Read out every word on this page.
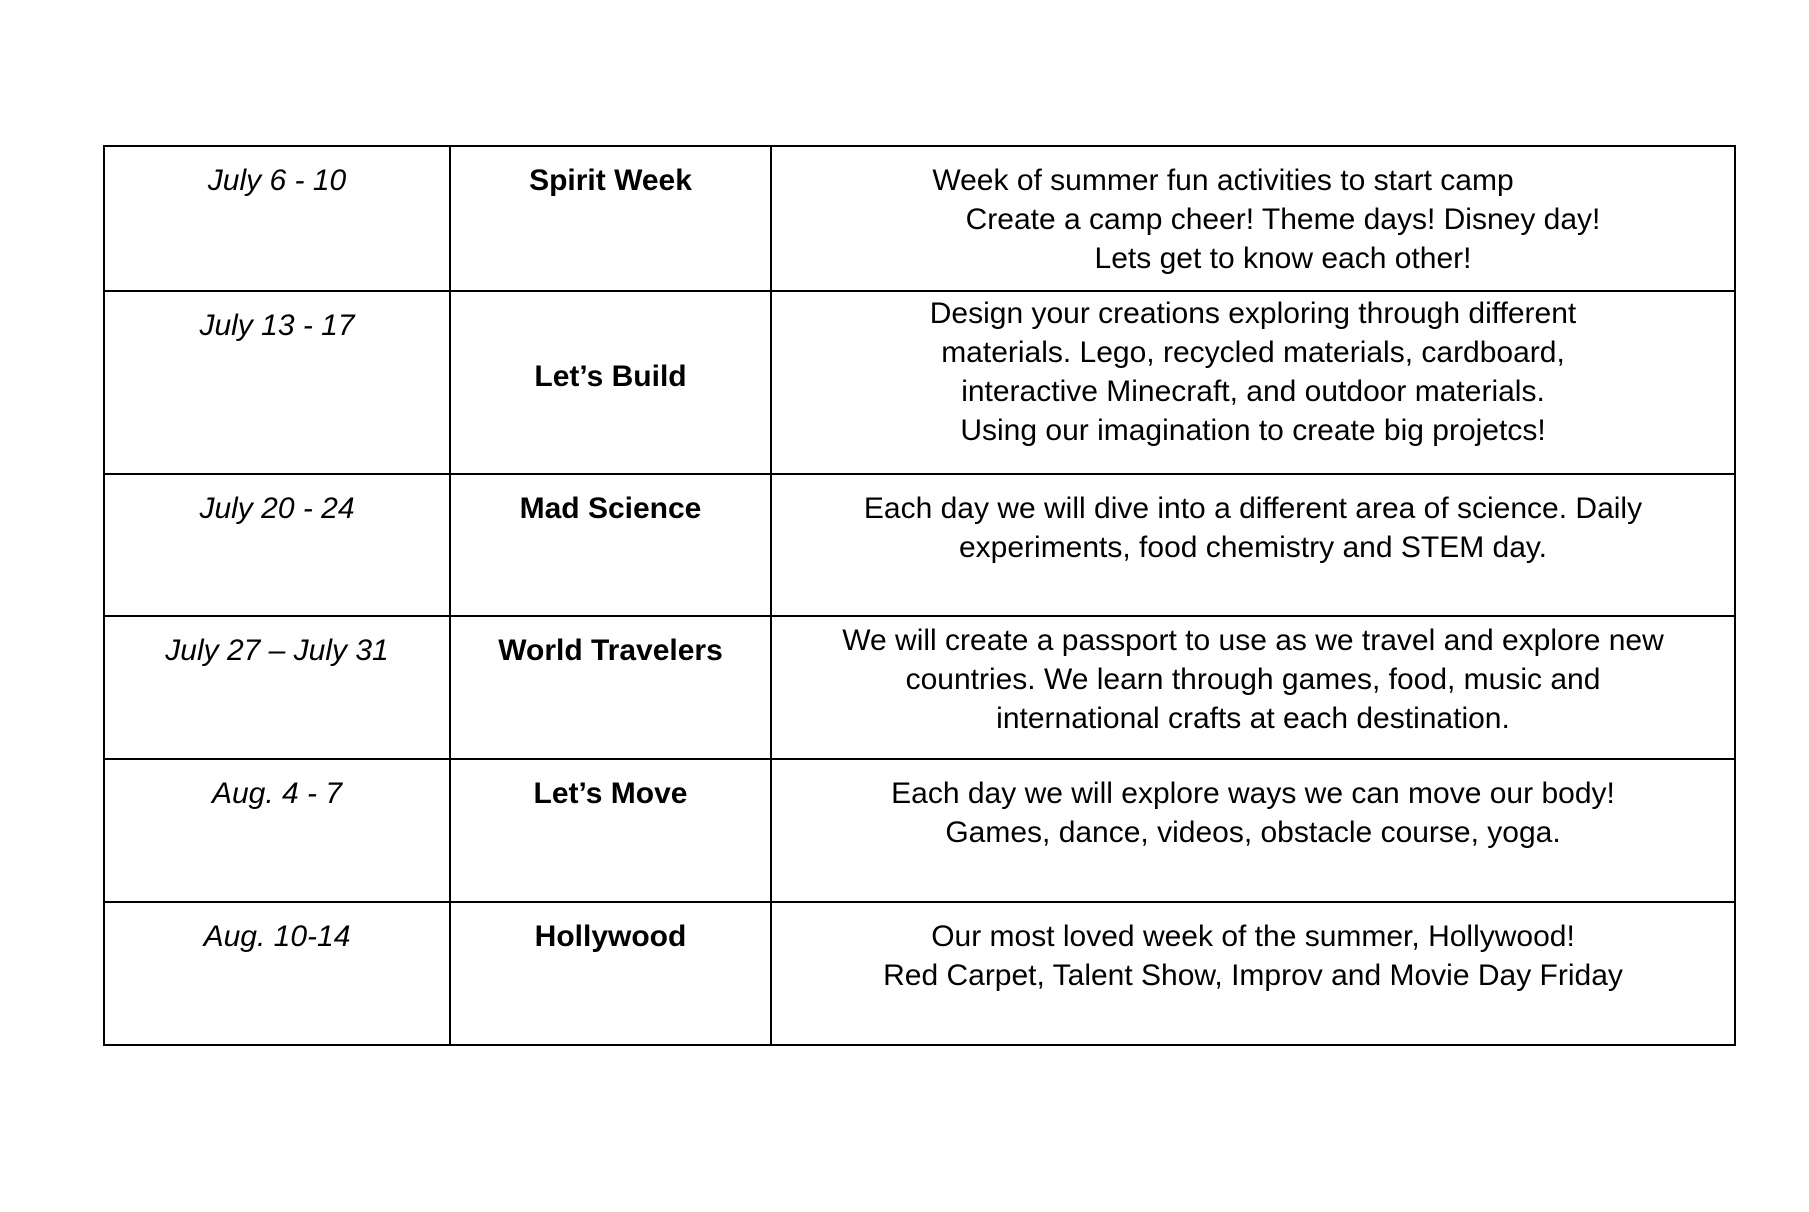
July 6 - 10	Spirit Week	Week of summer fun activities to start camp
Create a camp cheer! Theme days! Disney day!
Lets get to know each other!

July 13 - 17	Let’s Build	Design your creations exploring through different
materials. Lego, recycled materials, cardboard,
interactive Minecraft, and outdoor materials.
Using our imagination to create big projetcs!

July 20 - 24	Mad Science	Each day we will dive into a different area of science. Daily
experiments, food chemistry and STEM day.

July 27 – July 31	World Travelers	We will create a passport to use as we travel and explore new
countries. We learn through games, food, music and
international crafts at each destination.

Aug. 4 - 7	Let’s Move	Each day we will explore ways we can move our body!
Games, dance, videos, obstacle course, yoga.

Aug. 10-14	Hollywood	Our most loved week of the summer, Hollywood!
Red Carpet, Talent Show, Improv and Movie Day Friday
